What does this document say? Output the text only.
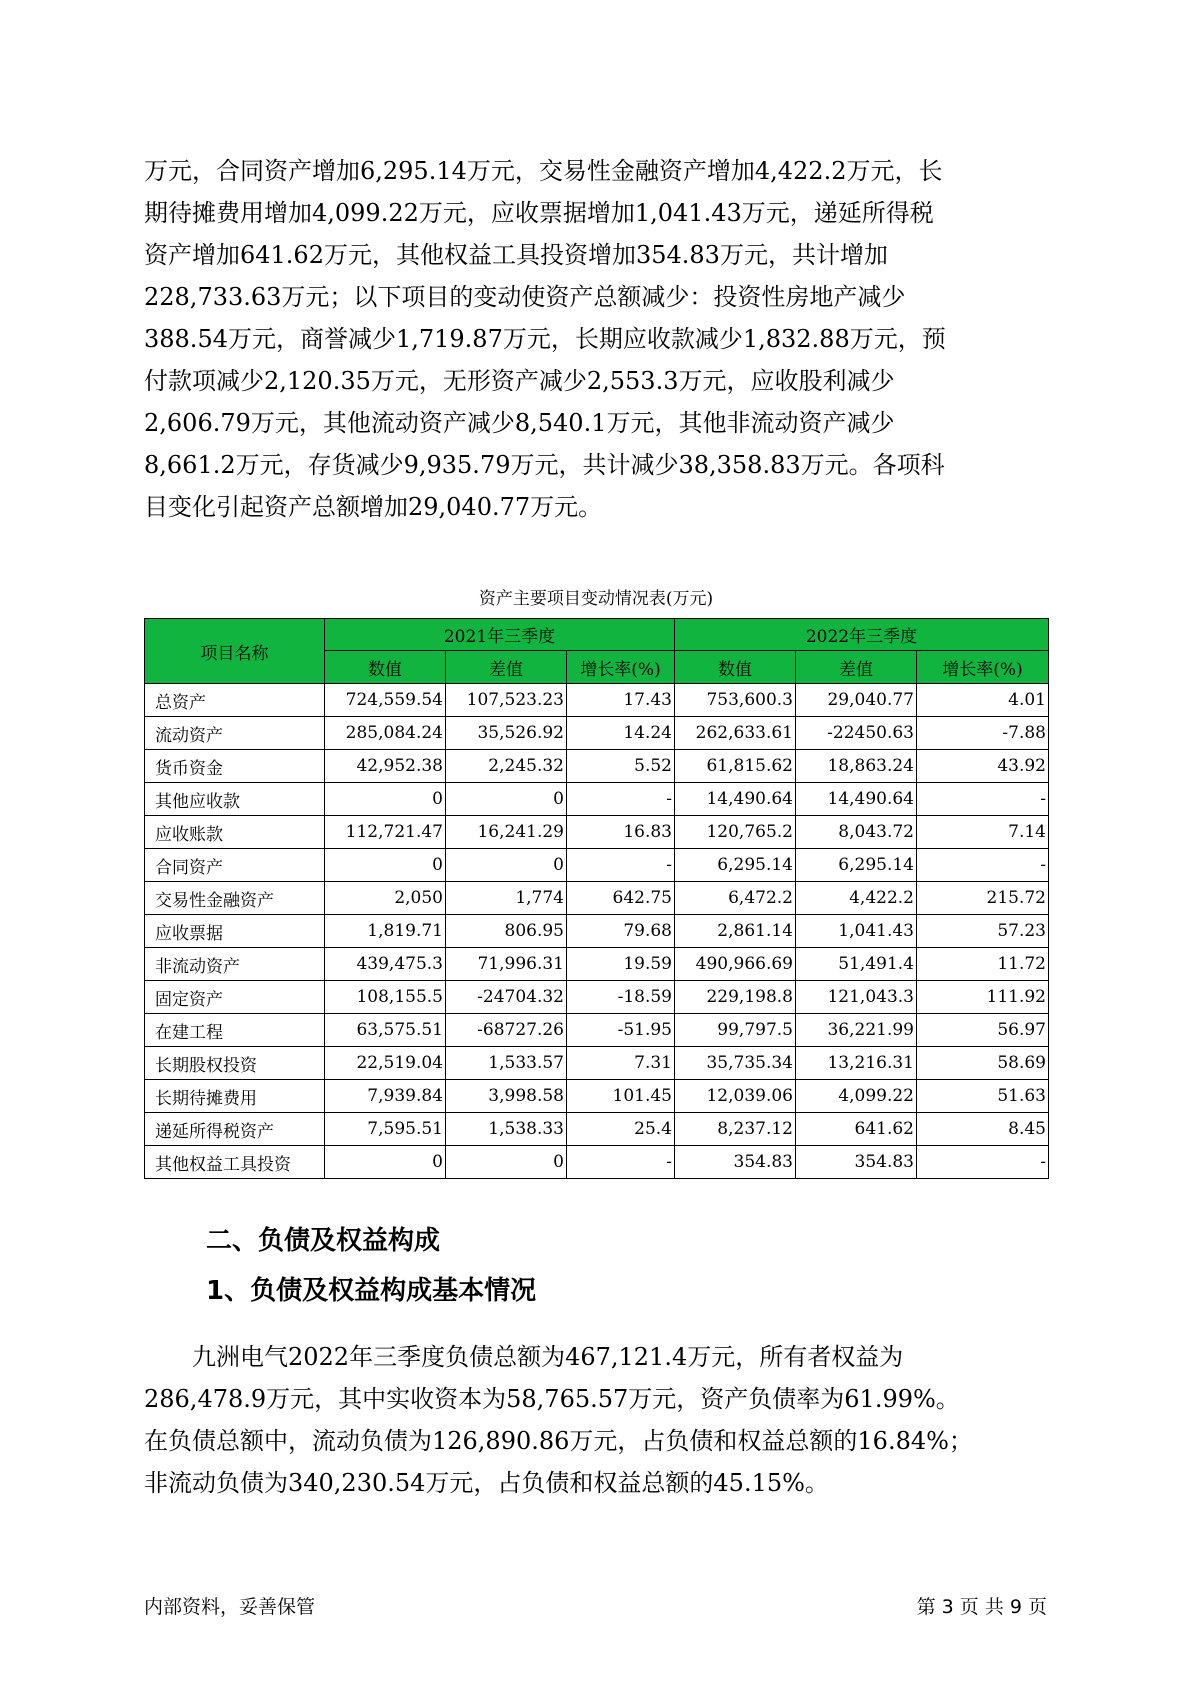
万元，合同资产增加6,295.14万元，交易性金融资产增加4,422.2万元，长
期待摊费用增加4,099.22万元，应收票据增加1,041.43万元，递延所得税
资产增加641.62万元，其他权益工具投资增加354.83万元，共计增加
228,733.63万元；以下项目的变动使资产总额减少：投资性房地产减少
388.54万元，商誉减少1,719.87万元，长期应收款减少1,832.88万元，预
付款项减少2,120.35万元，无形资产减少2,553.3万元，应收股利减少
2,606.79万元，其他流动资产减少8,540.1万元，其他非流动资产减少
8,661.2万元，存货减少9,935.79万元，共计减少38,358.83万元。各项科
目变化引起资产总额增加29,040.77万元。
资产主要项目变动情况表(万元)
项目名称	2021年三季度			2022年三季度		
	数值	差值	增长率(%)	数值	差值	增长率(%)
总资产	724,559.54	107,523.23	17.43	753,600.3	29,040.77	4.01
流动资产	285,084.24	35,526.92	14.24	262,633.61	-22450.63	-7.88
货币资金	42,952.38	2,245.32	5.52	61,815.62	18,863.24	43.92
其他应收款	0	0	-	14,490.64	14,490.64	-
应收账款	112,721.47	16,241.29	16.83	120,765.2	8,043.72	7.14
合同资产	0	0	-	6,295.14	6,295.14	-
交易性金融资产	2,050	1,774	642.75	6,472.2	4,422.2	215.72
应收票据	1,819.71	806.95	79.68	2,861.14	1,041.43	57.23
非流动资产	439,475.3	71,996.31	19.59	490,966.69	51,491.4	11.72
固定资产	108,155.5	-24704.32	-18.59	229,198.8	121,043.3	111.92
在建工程	63,575.51	-68727.26	-51.95	99,797.5	36,221.99	56.97
长期股权投资	22,519.04	1,533.57	7.31	35,735.34	13,216.31	58.69
长期待摊费用	7,939.84	3,998.58	101.45	12,039.06	4,099.22	51.63
递延所得税资产	7,595.51	1,538.33	25.4	8,237.12	641.62	8.45
其他权益工具投资	0	0	-	354.83	354.83	-
二、负债及权益构成
1、负债及权益构成基本情况
　　九洲电气2022年三季度负债总额为467,121.4万元，所有者权益为
286,478.9万元，其中实收资本为58,765.57万元，资产负债率为61.99%。
在负债总额中，流动负债为126,890.86万元，占负债和权益总额的16.84%；
非流动负债为340,230.54万元，占负债和权益总额的45.15%。
内部资料，妥善保管	第 3 页 共 9 页
